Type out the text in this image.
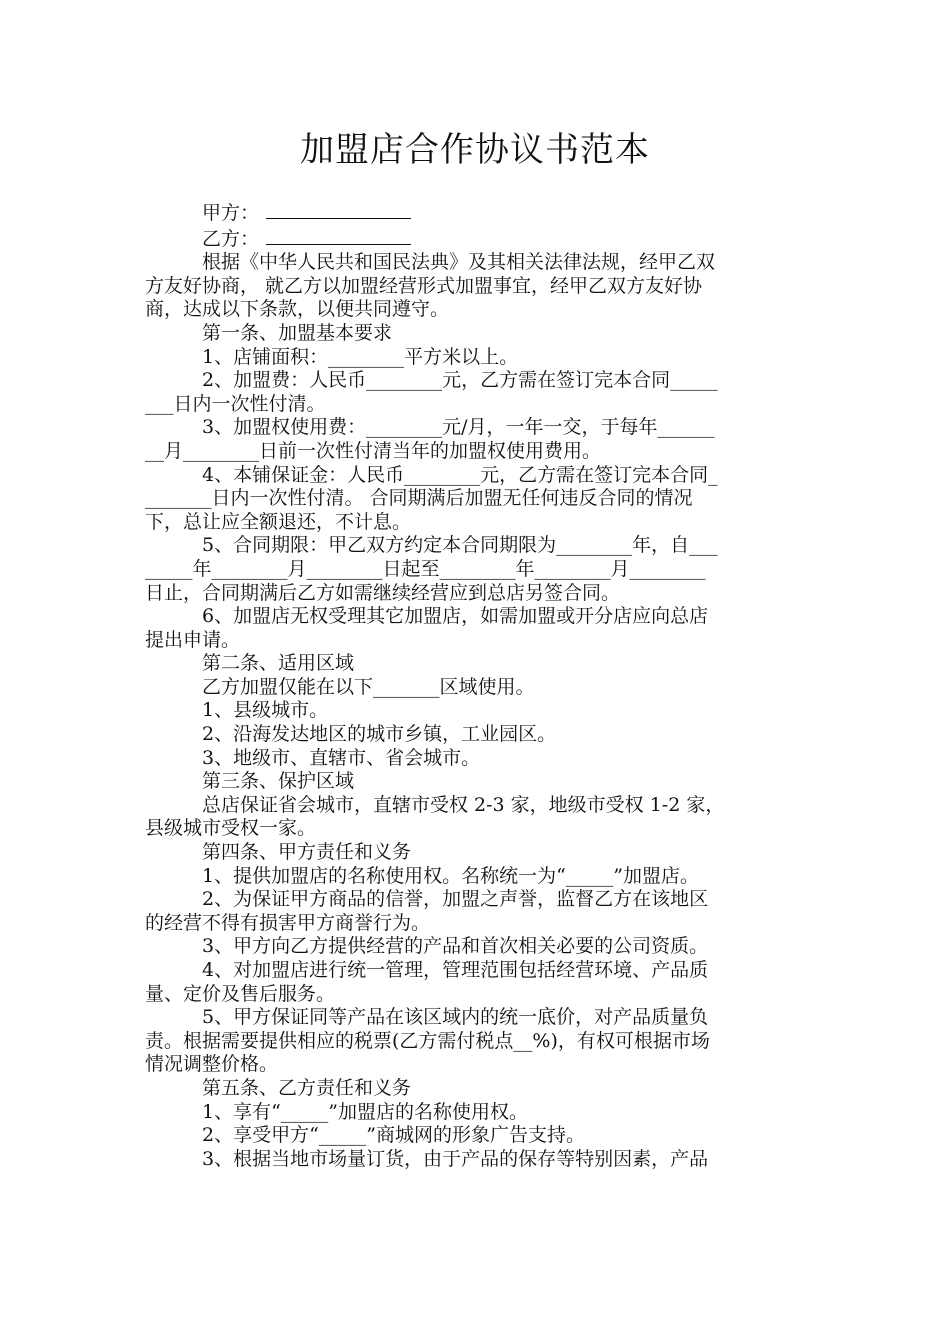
加盟店合作协议书范本
甲方：
乙方：
根据《中华人民共和国民法典》及其相关法律法规，经甲乙双
方友好协商， 就乙方以加盟经营形式加盟事宜，经甲乙双方友好协
商，达成以下条款，以便共同遵守。
第一条、加盟基本要求
1、店铺面积：________平方米以上。
2、加盟费：人民币________元，乙方需在签订完本合同_____
___日内一次性付清。
3、加盟权使用费：________元/月，一年一交，于每年______
__月________日前一次性付清当年的加盟权使用费用。
4、本铺保证金：人民币________元，乙方需在签订完本合同_
_______日内一次性付清。 合同期满后加盟无任何违反合同的情况
下，总让应全额退还，不计息。
5、合同期限：甲乙双方约定本合同期限为________年，自___
_____年________月________日起至________年________月________
日止，合同期满后乙方如需继续经营应到总店另签合同。
6、加盟店无权受理其它加盟店，如需加盟或开分店应向总店
提出申请。
第二条、适用区域
乙方加盟仅能在以下_______区域使用。
1、县级城市。
2、沿海发达地区的城市乡镇，工业园区。
3、地级市、直辖市、省会城市。
第三条、保护区域
总店保证省会城市，直辖市受权 2-3 家，地级市受权 1-2 家，
县级城市受权一家。
第四条、甲方责任和义务
1、提供加盟店的名称使用权。名称统一为“_____”加盟店。
2、为保证甲方商品的信誉，加盟之声誉，监督乙方在该地区
的经营不得有损害甲方商誉行为。
3、甲方向乙方提供经营的产品和首次相关必要的公司资质。
4、对加盟店进行统一管理，管理范围包括经营环境、产品质
量、定价及售后服务。
5、甲方保证同等产品在该区域内的统一底价，对产品质量负
责。根据需要提供相应的税票(乙方需付税点__%)，有权可根据市场
情况调整价格。
第五条、乙方责任和义务
1、享有“_____”加盟店的名称使用权。
2、享受甲方“_____”商城网的形象广告支持。
3、根据当地市场量订货，由于产品的保存等特别因素，产品
